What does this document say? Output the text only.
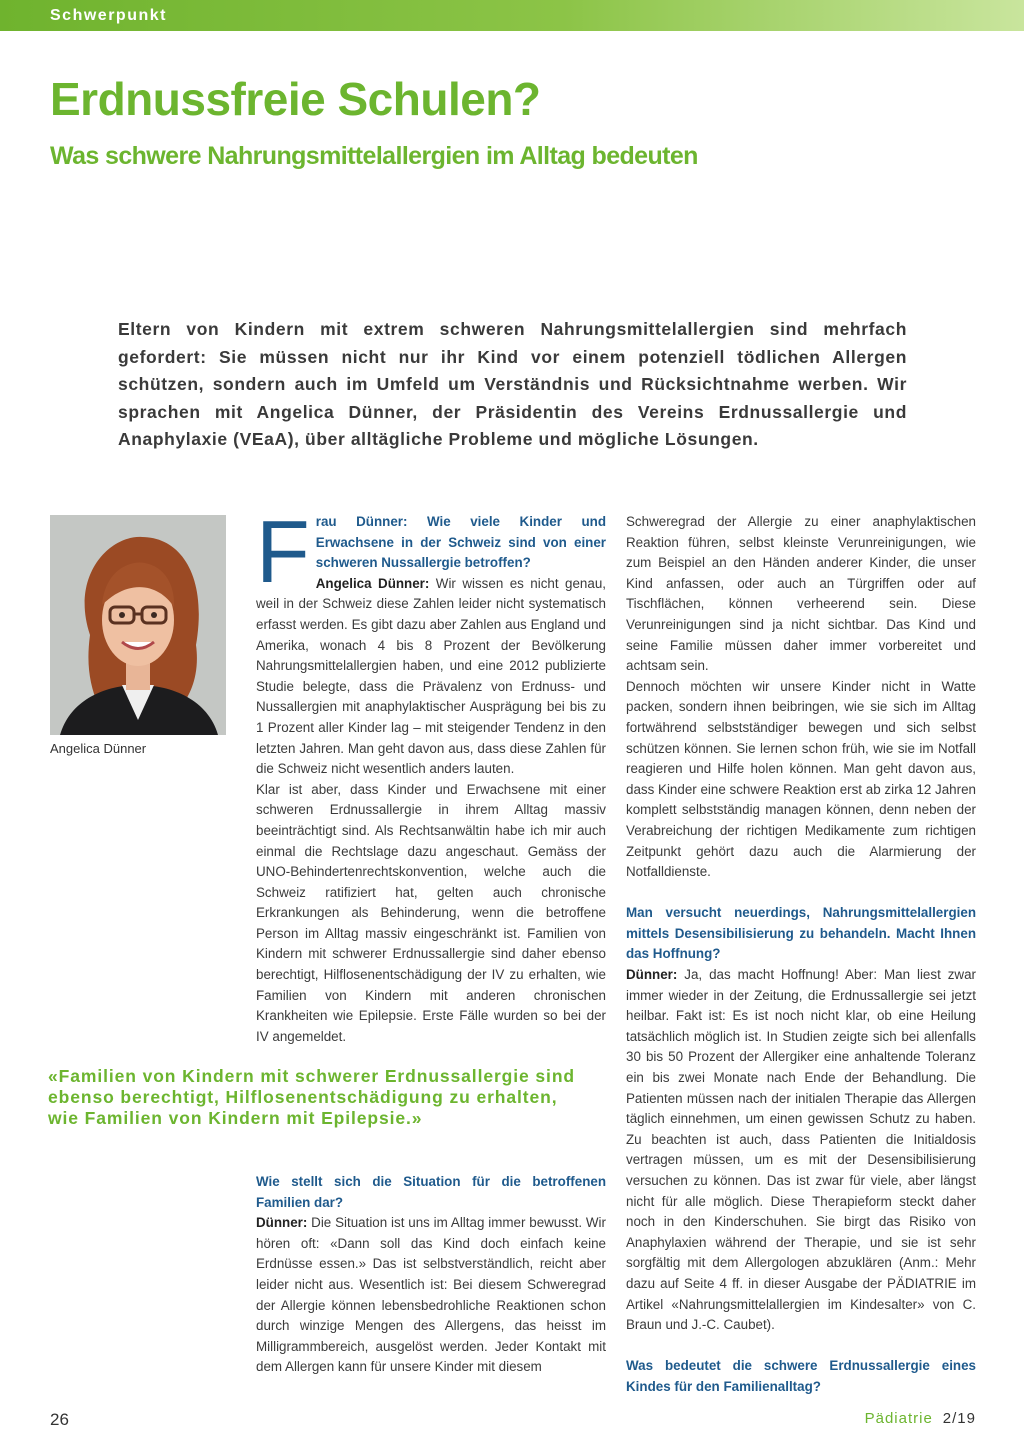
Schwerpunkt
Erdnussfreie Schulen?
Was schwere Nahrungsmittelallergien im Alltag bedeuten

Eltern von Kindern mit extrem schweren Nahrungsmittelallergien sind mehrfach gefordert: Sie müssen nicht nur ihr Kind vor einem potenziell tödlichen Allergen schützen, sondern auch im Umfeld um Verständnis und Rücksichtnahme werben. Wir sprachen mit Angelica Dünner, der Präsidentin des Vereins Erdnussallergie und Anaphylaxie (VEaA), über alltägliche Probleme und mögliche Lösungen.

Angelica Dünner
F rau Dünner: Wie viele Kinder und Erwachsene in der Schweiz sind von einer schweren Nussallergie betroffen?

Angelica Dünner: Wir wissen es nicht genau, weil in der Schweiz diese Zahlen leider nicht systematisch erfasst werden. Es gibt dazu aber Zahlen aus England und Amerika, wonach 4 bis 8 Prozent der Bevölkerung Nahrungsmittelallergien haben, und eine 2012 publizierte Studie belegte, dass die Prävalenz von Erdnuss- und Nussallergien mit anaphylaktischer Ausprägung bei bis zu 1 Prozent aller Kinder lag – mit steigender Tendenz in den letzten Jahren. Man geht davon aus, dass diese Zahlen für die Schweiz nicht wesentlich anders lauten.

Klar ist aber, dass Kinder und Erwachsene mit einer schweren Erdnussallergie in ihrem Alltag massiv beeinträchtigt sind. Als Rechtsanwältin habe ich mir auch einmal die Rechtslage dazu angeschaut. Gemäss der UNO-Behindertenrechtskonvention, welche auch die Schweiz ratifiziert hat, gelten auch chronische Erkrankungen als Behinderung, wenn die betroffene Person im Alltag massiv eingeschränkt ist. Familien von Kindern mit schwerer Erdnussallergie sind daher ebenso berechtigt, Hilflosenentschädigung der IV zu erhalten, wie Familien von Kindern mit anderen chronischen Krankheiten wie Epilepsie. Erste Fälle wurden so bei der IV angemeldet.

«Familien von Kindern mit schwerer Erdnussallergie sind ebenso berechtigt, Hilflosenentschädigung zu erhalten, wie Familien von Kindern mit Epilepsie.»

Wie stellt sich die Situation für die betroffenen Familien dar?

Dünner: Die Situation ist uns im Alltag immer bewusst. Wir hören oft: «Dann soll das Kind doch einfach keine Erdnüsse essen.» Das ist selbstverständlich, reicht aber leider nicht aus. Wesentlich ist: Bei diesem Schweregrad der Allergie können lebensbedrohliche Reaktionen schon durch winzige Mengen des Allergens, das heisst im Milligrammbereich, ausgelöst werden. Jeder Kontakt mit dem Allergen kann für unsere Kinder mit diesem

Schweregrad der Allergie zu einer anaphylaktischen Reaktion führen, selbst kleinste Verunreinigungen, wie zum Beispiel an den Händen anderer Kinder, die unser Kind anfassen, oder auch an Türgriffen oder auf Tischflächen, können verheerend sein. Diese Verunreinigungen sind ja nicht sichtbar. Das Kind und seine Familie müssen daher immer vorbereitet und achtsam sein.

Dennoch möchten wir unsere Kinder nicht in Watte packen, sondern ihnen beibringen, wie sie sich im Alltag fortwährend selbstständiger bewegen und sich selbst schützen können. Sie lernen schon früh, wie sie im Notfall reagieren und Hilfe holen können. Man geht davon aus, dass Kinder eine schwere Reaktion erst ab zirka 12 Jahren komplett selbstständig managen können, denn neben der Verabreichung der richtigen Medikamente zum richtigen Zeitpunkt gehört dazu auch die Alarmierung der Notfalldienste.

Man versucht neuerdings, Nahrungsmittelallergien mittels Desensibilisierung zu behandeln. Macht Ihnen das Hoffnung?

Dünner: Ja, das macht Hoffnung! Aber: Man liest zwar immer wieder in der Zeitung, die Erdnussallergie sei jetzt heilbar. Fakt ist: Es ist noch nicht klar, ob eine Heilung tatsächlich möglich ist. In Studien zeigte sich bei allenfalls 30 bis 50 Prozent der Allergiker eine anhaltende Toleranz ein bis zwei Monate nach Ende der Behandlung. Die Patienten müssen nach der initialen Therapie das Allergen täglich einnehmen, um einen gewissen Schutz zu haben. Zu beachten ist auch, dass Patienten die Initialdosis vertragen müssen, um es mit der Desensibilisierung versuchen zu können. Das ist zwar für viele, aber längst nicht für alle möglich. Diese Therapieform steckt daher noch in den Kinderschuhen. Sie birgt das Risiko von Anaphylaxien während der Therapie, und sie ist sehr sorgfältig mit dem Allergologen abzuklären (Anm.: Mehr dazu auf Seite 4 ff. in dieser Ausgabe der PÄDIATRIE im Artikel «Nahrungsmittelallergien im Kindesalter» von C. Braun und J.-C. Caubet).

Was bedeutet die schwere Erdnussallergie eines Kindes für den Familienalltag?

26	Pädiatrie 2/19
